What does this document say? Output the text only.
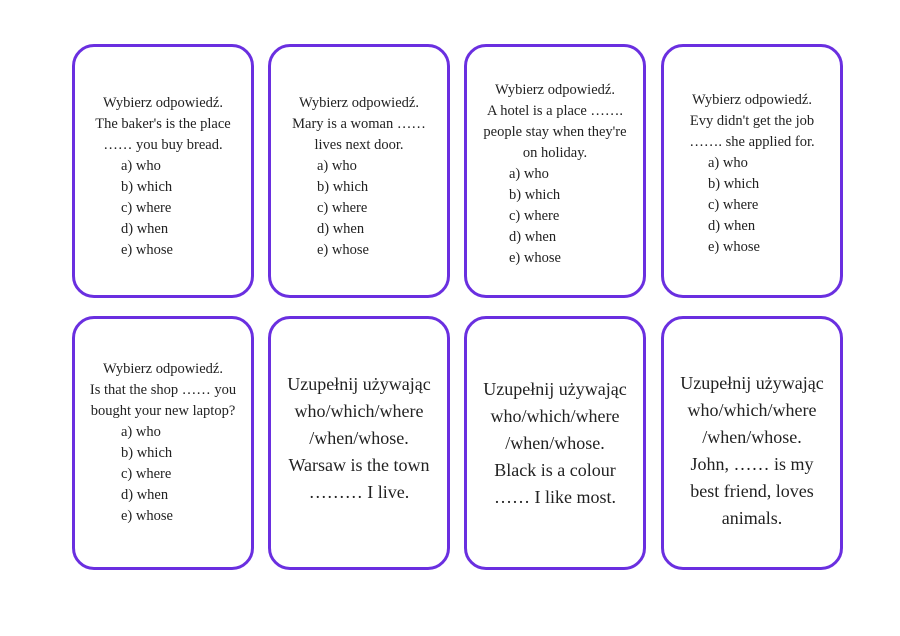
Wybierz odpowiedź.
The baker's is the place
…… you buy bread.
a) who
b) which
c) where
d) when
e) whose
Wybierz odpowiedź.
Mary is a woman ……
lives next door.
a) who
b) which
c) where
d) when
e) whose
Wybierz odpowiedź.
A hotel is a place …….
people stay when they're
on holiday.
a) who
b) which
c) where
d) when
e) whose
Wybierz odpowiedź.
Evy didn't get the job
……. she applied for.
a) who
b) which
c) where
d) when
e) whose
Wybierz odpowiedź.
Is that the shop …… you
bought your new laptop?
a) who
b) which
c) where
d) when
e) whose
Uzupełnij używając
who/which/where
/when/whose.
Warsaw is the town
……… I live.
Uzupełnij używając
who/which/where
/when/whose.
Black is a colour
…… I like most.
Uzupełnij używając
who/which/where
/when/whose.
John, …… is my
best friend, loves
animals.
